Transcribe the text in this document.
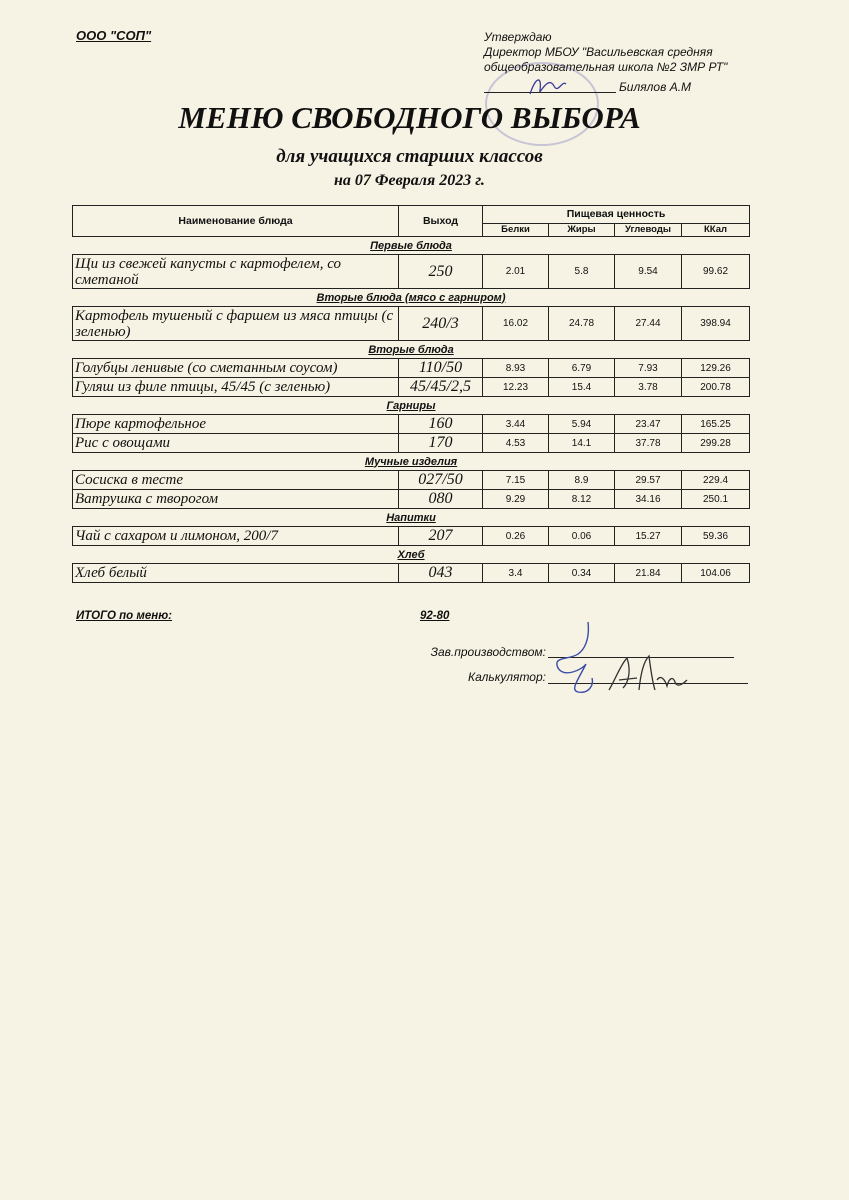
ООО "СОП"	Утверждаю
Директор МБОУ "Васильевская средняя
общеобразовательная школа №2 ЗМР РТ"
Билялов А.М
МЕНЮ СВОБОДНОГО ВЫБОРА
для учащихся старших классов
на 07 Февраля 2023 г.
Наименование блюда	Выход	Пищевая ценность			
		Белки	Жиры	Углеводы	ККал
Первые блюда					
Щи из свежей капусты с картофелем, со сметаной	250	2.01	5.8	9.54	99.62
Вторые блюда (мясо с гарниром)					
Картофель тушеный с фаршем из мяса птицы (с зеленью)	240/3	16.02	24.78	27.44	398.94
Вторые блюда					
Голубцы ленивые (со сметанным соусом)	110/50	8.93	6.79	7.93	129.26
Гуляш из филе птицы, 45/45 (с зеленью)	45/45/2,5	12.23	15.4	3.78	200.78
Гарниры					
Пюре картофельное	160	3.44	5.94	23.47	165.25
Рис с овощами	170	4.53	14.1	37.78	299.28
Мучные изделия					
Сосиска в тесте	027/50	7.15	8.9	29.57	229.4
Ватрушка с творогом	080	9.29	8.12	34.16	250.1
Напитки					
Чай с сахаром и лимоном, 200/7	207	0.26	0.06	15.27	59.36
Хлеб					
Хлеб белый	043	3.4	0.34	21.84	104.06
ИТОГО по меню:	92-80
Зав.производством:
Калькулятор:
